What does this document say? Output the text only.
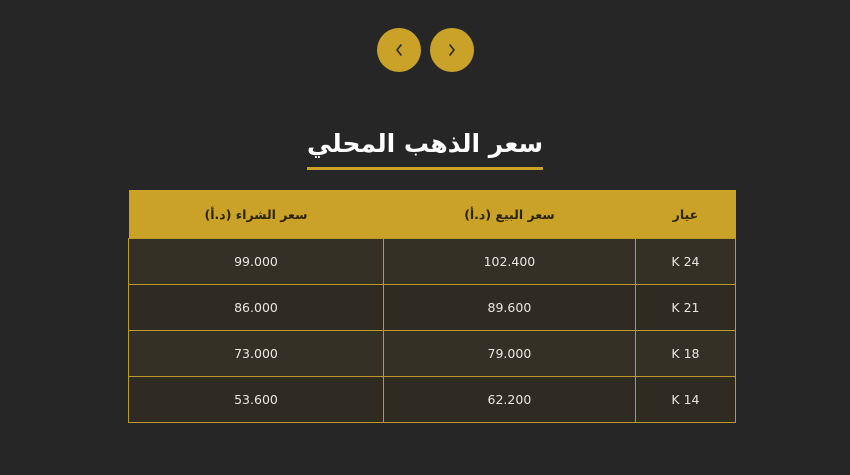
سعر الذهب المحلي
عيار	سعر البيع (د.أ)	سعر الشراء (د.أ)
24 K	102.400	99.000
21 K	89.600	86.000
18 K	79.000	73.000
14 K	62.200	53.600
